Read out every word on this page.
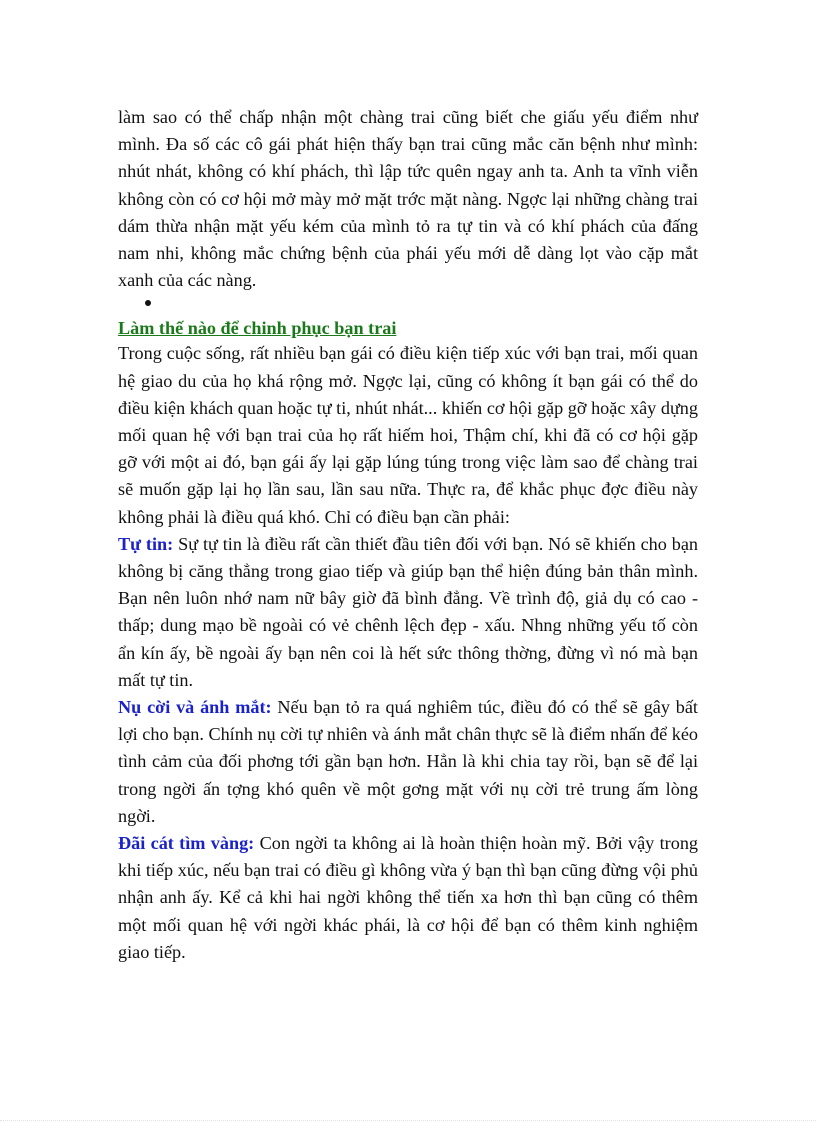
làm sao có thể chấp nhận một chàng trai cũng biết che giấu yếu điểm như mình. Đa số các cô gái phát hiện thấy bạn trai cũng mắc căn bệnh như mình: nhút nhát, không có khí phách, thì lập tức quên ngay anh ta. Anh ta vĩnh viễn không còn có cơ hội mở mày mở mặt trớc mặt nàng. Ngợc lại những chàng trai dám thừa nhận mặt yếu kém của mình tỏ ra tự tin và có khí phách của đấng nam nhi, không mắc chứng bệnh của phái yếu mới dễ dàng lọt vào cặp mắt xanh của các nàng.

Làm thế nào để chinh phục bạn trai

Trong cuộc sống, rất nhiều bạn gái có điều kiện tiếp xúc với bạn trai, mối quan hệ giao du của họ khá rộng mở. Ngợc lại, cũng có không ít bạn gái có thể do điều kiện khách quan hoặc tự ti, nhút nhát... khiến cơ hội gặp gỡ hoặc xây dựng mối quan hệ với bạn trai của họ rất hiếm hoi, Thậm chí, khi đã có cơ hội gặp gỡ với một ai đó, bạn gái ấy lại gặp lúng túng trong việc làm sao để chàng trai sẽ muốn gặp lại họ lần sau, lần sau nữa. Thực ra, để khắc phục đợc điều này không phải là điều quá khó. Chỉ có điều bạn cần phải:

Tự tin: Sự tự tin là điều rất cần thiết đầu tiên đối với bạn. Nó sẽ khiến cho bạn không bị căng thẳng trong giao tiếp và giúp bạn thể hiện đúng bản thân mình. Bạn nên luôn nhớ nam nữ bây giờ đã bình đẳng. Về trình độ, giả dụ có cao - thấp; dung mạo bề ngoài có vẻ chênh lệch đẹp - xấu. Nhng những yếu tố còn ẩn kín ấy, bề ngoài ấy bạn nên coi là hết sức thông thờng, đừng vì nó mà bạn mất tự tin.

Nụ cời và ánh mắt: Nếu bạn tỏ ra quá nghiêm túc, điều đó có thể sẽ gây bất lợi cho bạn. Chính nụ cời tự nhiên và ánh mắt chân thực sẽ là điểm nhấn để kéo tình cảm của đối phơng tới gần bạn hơn. Hẳn là khi chia tay rồi, bạn sẽ để lại trong ngời ấn tợng khó quên về một gơng mặt với nụ cời trẻ trung ấm lòng ngời.

Đãi cát tìm vàng: Con ngời ta không ai là hoàn thiện hoàn mỹ. Bởi vậy trong khi tiếp xúc, nếu bạn trai có điều gì không vừa ý bạn thì bạn cũng đừng vội phủ nhận anh ấy. Kể cả khi hai ngời không thể tiến xa hơn thì bạn cũng có thêm một mối quan hệ với ngời khác phái, là cơ hội để bạn có thêm kinh nghiệm giao tiếp.
